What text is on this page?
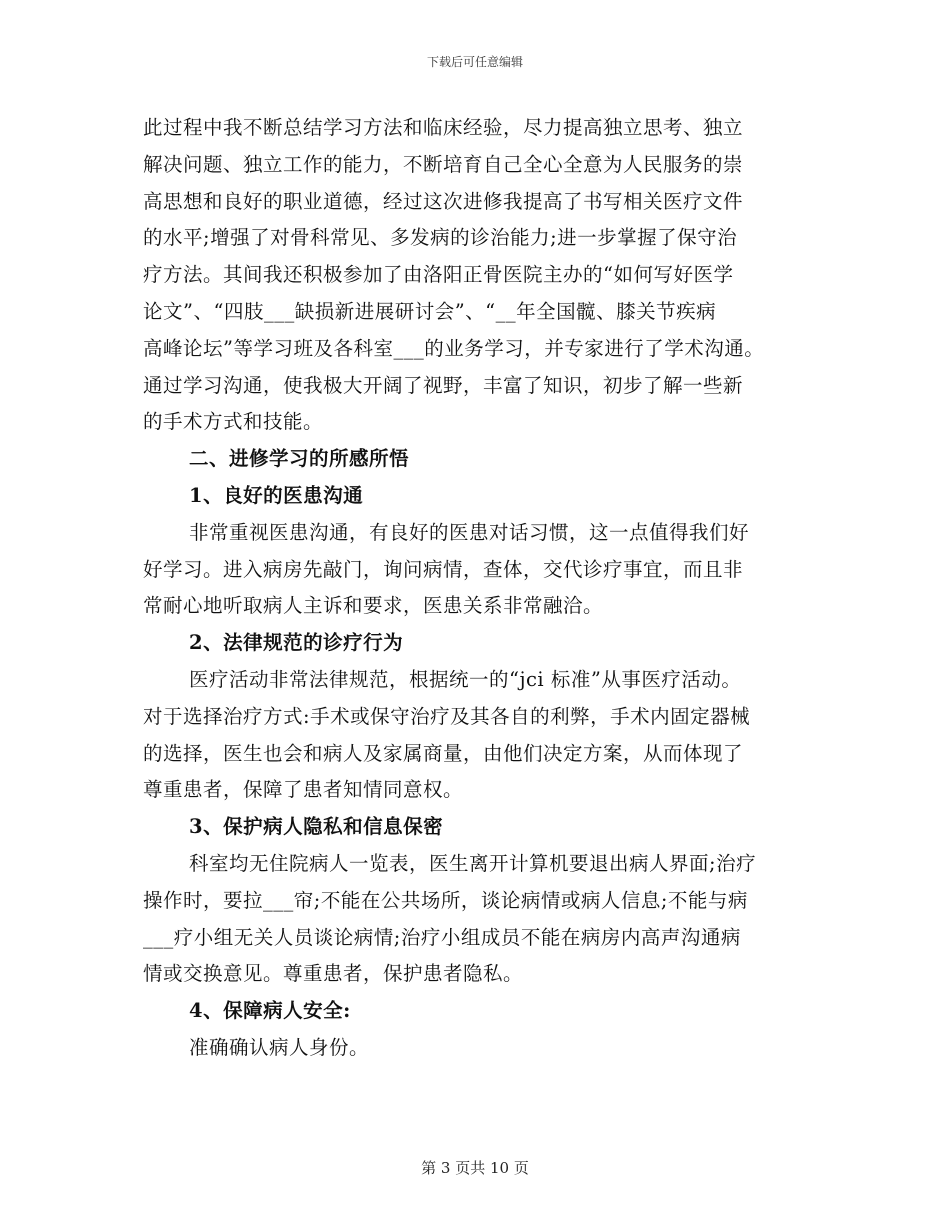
下载后可任意编辑
此过程中我不断总结学习方法和临床经验，尽力提高独立思考、独立
解决问题、独立工作的能力，不断培育自己全心全意为人民服务的崇
高思想和良好的职业道德，经过这次进修我提高了书写相关医疗文件
的水平;增强了对骨科常见、多发病的诊治能力;进一步掌握了保守治
疗方法。其间我还积极参加了由洛阳正骨医院主办的“如何写好医学
论文”、“四肢___缺损新进展研讨会”、“__年全国髋、膝关节疾病
高峰论坛”等学习班及各科室___的业务学习，并专家进行了学术沟通。
通过学习沟通，使我极大开阔了视野，丰富了知识，初步了解一些新
的手术方式和技能。
二、进修学习的所感所悟
1、良好的医患沟通
非常重视医患沟通，有良好的医患对话习惯，这一点值得我们好
好学习。进入病房先敲门，询问病情，查体，交代诊疗事宜，而且非
常耐心地听取病人主诉和要求，医患关系非常融洽。
2、法律规范的诊疗行为
医疗活动非常法律规范，根据统一的“jci 标准”从事医疗活动。
对于选择治疗方式:手术或保守治疗及其各自的利弊，手术内固定器械
的选择，医生也会和病人及家属商量，由他们决定方案，从而体现了
尊重患者，保障了患者知情同意权。
3、保护病人隐私和信息保密
科室均无住院病人一览表，医生离开计算机要退出病人界面;治疗
操作时，要拉___帘;不能在公共场所，谈论病情或病人信息;不能与病
___疗小组无关人员谈论病情;治疗小组成员不能在病房内高声沟通病
情或交换意见。尊重患者，保护患者隐私。
4、保障病人安全:
准确确认病人身份。
第 3 页共 10 页
